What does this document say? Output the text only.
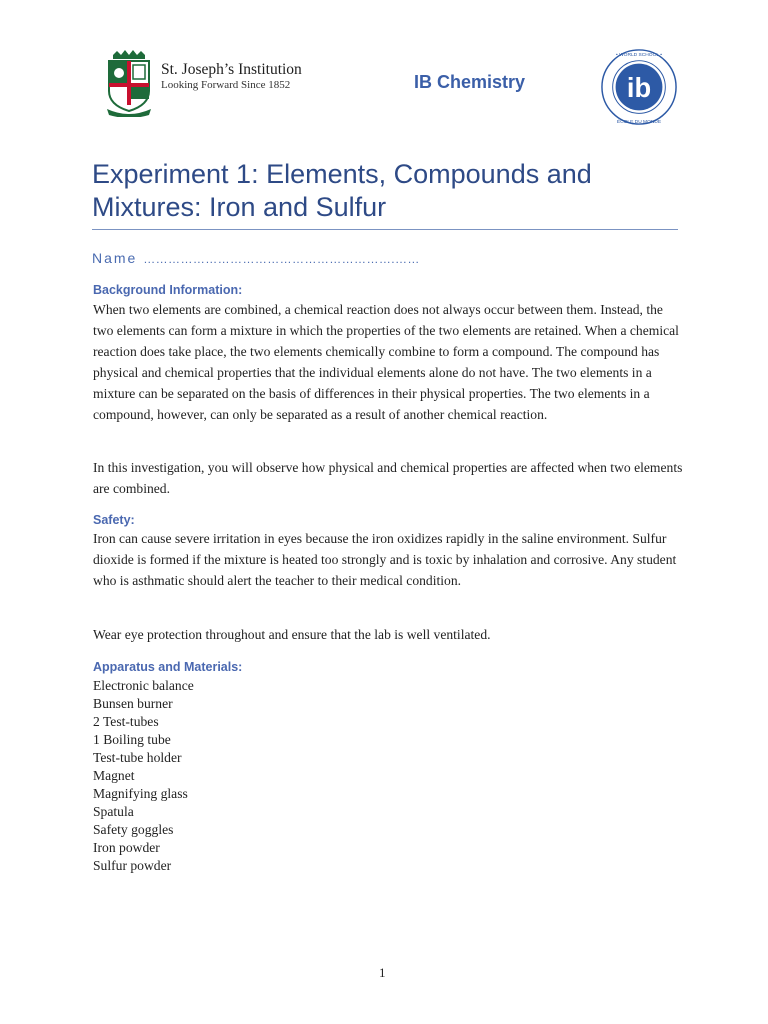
St. Joseph’s Institution
Looking Forward Since 1852	IB Chemistry	ib
• WORLD SCHOOL •
ÉCOLE DU MONDE
Experiment 1: Elements, Compounds and Mixtures: Iron and Sulfur
Name …………………………………………………….……
Background Information:
When two elements are combined, a chemical reaction does not always occur between them. Instead, the two elements can form a mixture in which the properties of the two elements are retained. When a chemical reaction does take place, the two elements chemically combine to form a compound. The compound has physical and chemical properties that the individual elements alone do not have. The two elements in a mixture can be separated on the basis of differences in their physical properties. The two elements in a compound, however, can only be separated as a result of another chemical reaction.
In this investigation, you will observe how physical and chemical properties are affected when two elements are combined.
Safety:
Iron can cause severe irritation in eyes because the iron oxidizes rapidly in the saline environment. Sulfur dioxide is formed if the mixture is heated too strongly and is toxic by inhalation and corrosive. Any student who is asthmatic should alert the teacher to their medical condition.
Wear eye protection throughout and ensure that the lab is well ventilated.
Apparatus and Materials:
Electronic balance
Bunsen burner
2 Test-tubes
1 Boiling tube
Test-tube holder
Magnet
Magnifying glass
Spatula
Safety goggles
Iron powder
Sulfur powder
1
